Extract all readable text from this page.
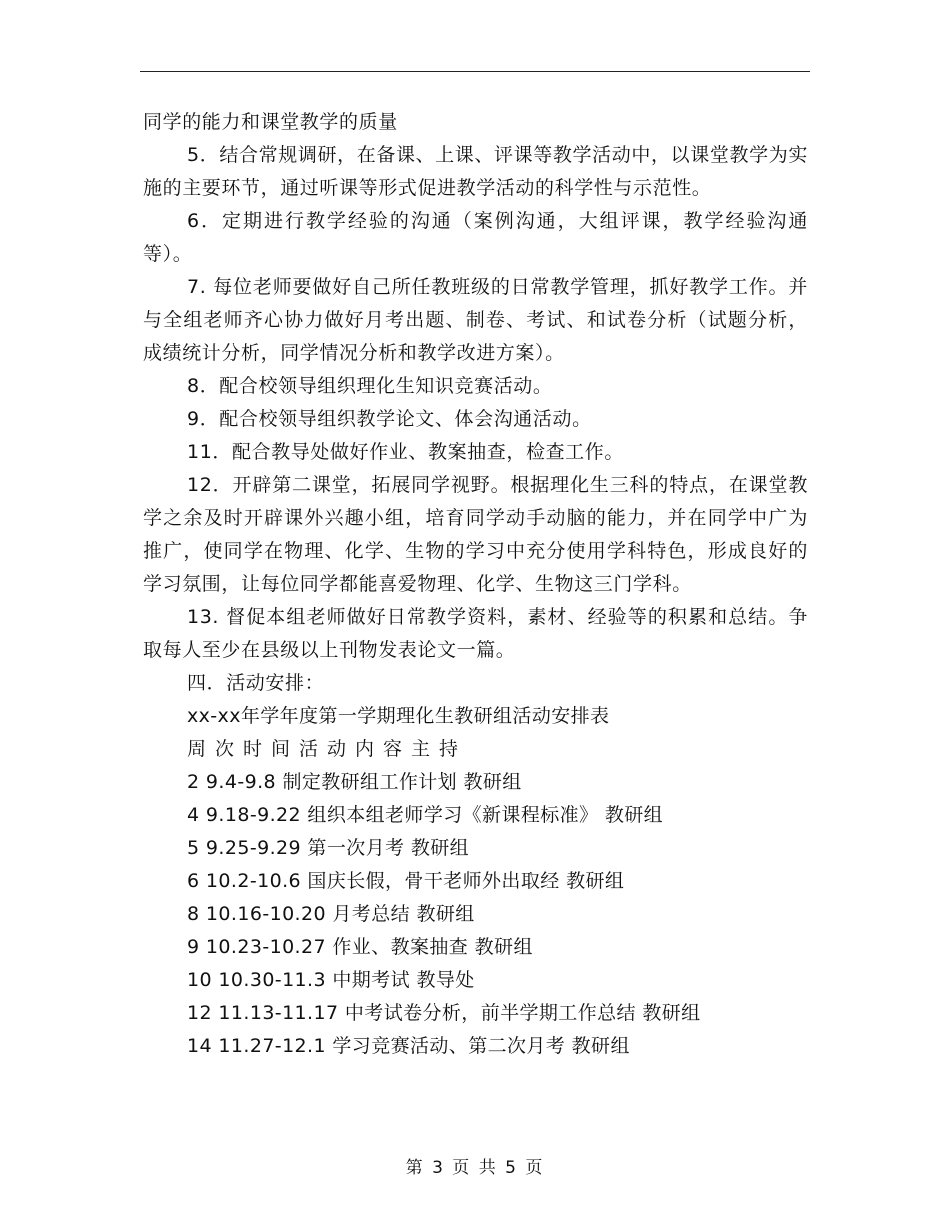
同学的能力和课堂教学的质量

5．结合常规调研，在备课、上课、评课等教学活动中，以课堂教学为实施的主要环节，通过听课等形式促进教学活动的科学性与示范性。

6．定期进行教学经验的沟通（案例沟通，大组评课，教学经验沟通等）。

7. 每位老师要做好自己所任教班级的日常教学管理，抓好教学工作。并与全组老师齐心协力做好月考出题、制卷、考试、和试卷分析（试题分析，成绩统计分析，同学情况分析和教学改进方案）。

8．配合校领导组织理化生知识竞赛活动。

9．配合校领导组织教学论文、体会沟通活动。

11．配合教导处做好作业、教案抽查，检查工作。

12．开辟第二课堂，拓展同学视野。根据理化生三科的特点，在课堂教学之余及时开辟课外兴趣小组，培育同学动手动脑的能力，并在同学中广为推广，使同学在物理、化学、生物的学习中充分使用学科特色，形成良好的学习氛围，让每位同学都能喜爱物理、化学、生物这三门学科。

13. 督促本组老师做好日常教学资料，素材、经验等的积累和总结。争取每人至少在县级以上刊物发表论文一篇。

四．活动安排：

xx-xx年学年度第一学期理化生教研组活动安排表
周次时间活动内容主持
2 9.4-9.8 制定教研组工作计划 教研组
4 9.18-9.22 组织本组老师学习《新课程标准》 教研组
5 9.25-9.29 第一次月考 教研组
6 10.2-10.6 国庆长假，骨干老师外出取经 教研组
8 10.16-10.20 月考总结 教研组
9 10.23-10.27 作业、教案抽查 教研组
10 10.30-11.3 中期考试 教导处
12 11.13-11.17 中考试卷分析，前半学期工作总结 教研组
14 11.27-12.1 学习竞赛活动、第二次月考 教研组
第 3 页 共 5 页
